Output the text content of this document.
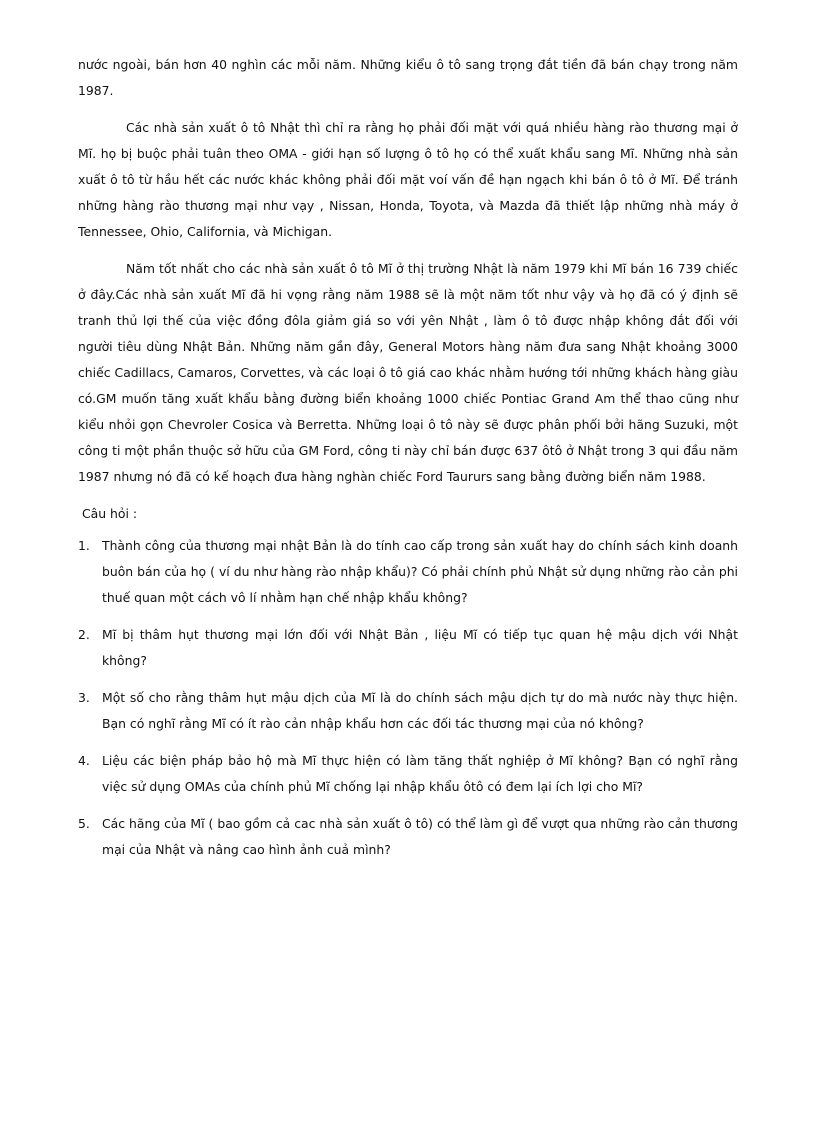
nước ngoài, bán hơn 40 nghìn các mỗi năm. Những kiểu ô tô sang trọng đắt tiền đã bán chạy trong năm 1987.

Các nhà sản xuất ô tô Nhật thì chỉ ra rằng họ phải đối mặt với quá nhiều hàng rào thương mại ở Mĩ. họ bị buộc phải tuân theo OMA - giới hạn số lượng ô tô họ có thể xuất khẩu sang Mĩ. Những nhà sản xuất ô tô từ hầu hết các nước khác không phải đối mặt voí vấn đề hạn ngạch khi bán ô tô ở Mĩ. Để tránh những hàng rào thương mại như vạy , Nissan, Honda, Toyota, và Mazda đã thiết lập những nhà máy ở Tennessee, Ohio, California, và Michigan.

Năm tốt nhất cho các nhà sản xuất ô tô Mĩ ở thị trường Nhật là năm 1979 khi Mĩ bán 16 739 chiếc ở đây.Các nhà sản xuất Mĩ đã hi vọng rằng năm 1988 sẽ là một năm tốt như vậy và họ đã có ý định sẽ tranh thủ lợi thế của việc đồng đôla giảm giá so với yên Nhật , làm ô tô được nhập không đắt đối với người tiêu dùng Nhật Bản. Những năm gần đây, General Motors hàng năm đưa sang Nhật khoảng 3000 chiếc Cadillacs, Camaros, Corvettes, và các loại ô tô giá cao khác nhằm hướng tới những khách hàng giàu có.GM muốn tăng xuất khẩu bằng đường biển khoảng 1000 chiếc Pontiac Grand Am thể thao cũng như kiểu nhỏi gọn Chevroler Cosica và Berretta. Những loại ô tô này sẽ được phân phối bởi hãng Suzuki, một công ti một phần thuộc sở hữu của GM Ford, công ti này chỉ bán được 637 ôtô ở Nhật trong 3 qui đầu năm 1987 nhưng nó đã có kế hoạch đưa hàng nghàn chiếc Ford Taururs sang bằng đường biển năm 1988.

Câu hỏi :
1. Thành công của thương mại nhật Bản là do tính cao cấp trong sản xuất hay do chính sách kinh doanh buôn bán của họ ( ví du như hàng rào nhập khẩu)? Có phải chính phủ Nhật sử dụng những rào cản phi thuế quan một cách vô lí nhằm hạn chế nhập khẩu không?
2. Mĩ bị thâm hụt thương mại lớn đối với Nhật Bản , liệu Mĩ có tiếp tục quan hệ mậu dịch với Nhật không?
3. Một số cho rằng thâm hụt mậu dịch của Mĩ là do chính sách mậu dịch tự do mà nước này thực hiện. Bạn có nghĩ rằng Mĩ có ít rào cản nhập khẩu hơn các đối tác thương mại của nó không?
4. Liệu các biện pháp bảo hộ mà Mĩ thực hiện có làm tăng thất nghiệp ở Mĩ không? Bạn có nghĩ rằng việc sử dụng OMAs của chính phủ Mĩ chống lại nhập khẩu ôtô có đem lại ích lợi cho Mĩ?
5. Các hãng của Mĩ ( bao gồm cả cac nhà sản xuất ô tô) có thể làm gì để vượt qua những rào cản thương mại của Nhật và nâng cao hình ảnh cuả mình?
